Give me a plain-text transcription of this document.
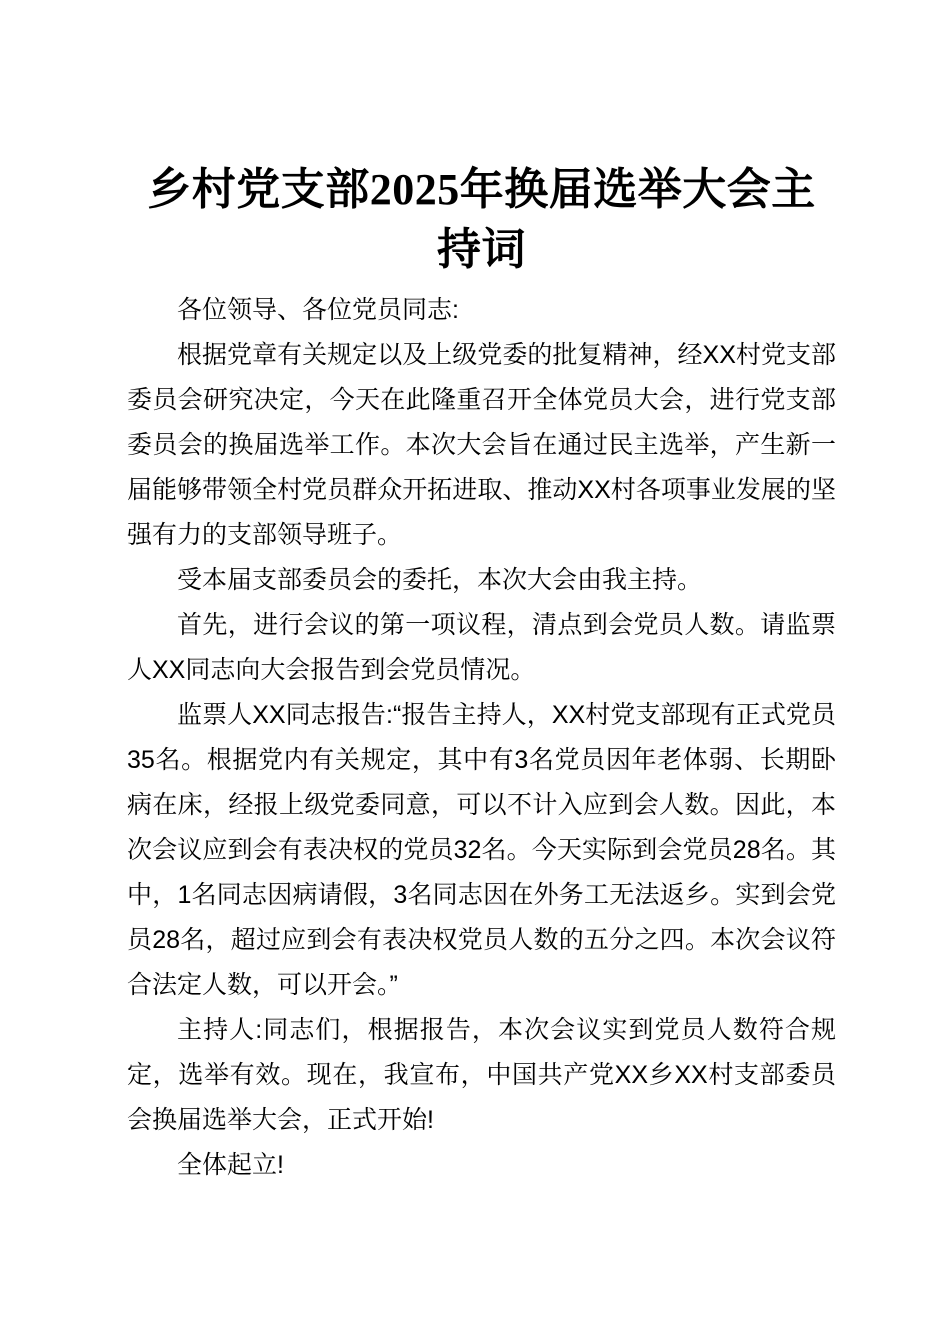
乡村党支部2025年换届选举大会主持词

各位领导、各位党员同志:

根据党章有关规定以及上级党委的批复精神，经XX村党支部委员会研究决定，今天在此隆重召开全体党员大会，进行党支部委员会的换届选举工作。本次大会旨在通过民主选举，产生新一届能够带领全村党员群众开拓进取、推动XX村各项事业发展的坚强有力的支部领导班子。

受本届支部委员会的委托，本次大会由我主持。

首先，进行会议的第一项议程，清点到会党员人数。请监票人XX同志向大会报告到会党员情况。

监票人XX同志报告:“报告主持人，XX村党支部现有正式党员35名。根据党内有关规定，其中有3名党员因年老体弱、长期卧病在床，经报上级党委同意，可以不计入应到会人数。因此，本次会议应到会有表决权的党员32名。今天实际到会党员28名。其中，1名同志因病请假，3名同志因在外务工无法返乡。实到会党员28名，超过应到会有表决权党员人数的五分之四。本次会议符合法定人数，可以开会。”

主持人:同志们，根据报告，本次会议实到党员人数符合规定，选举有效。现在，我宣布，中国共产党XX乡XX村支部委员会换届选举大会，正式开始!

全体起立!
